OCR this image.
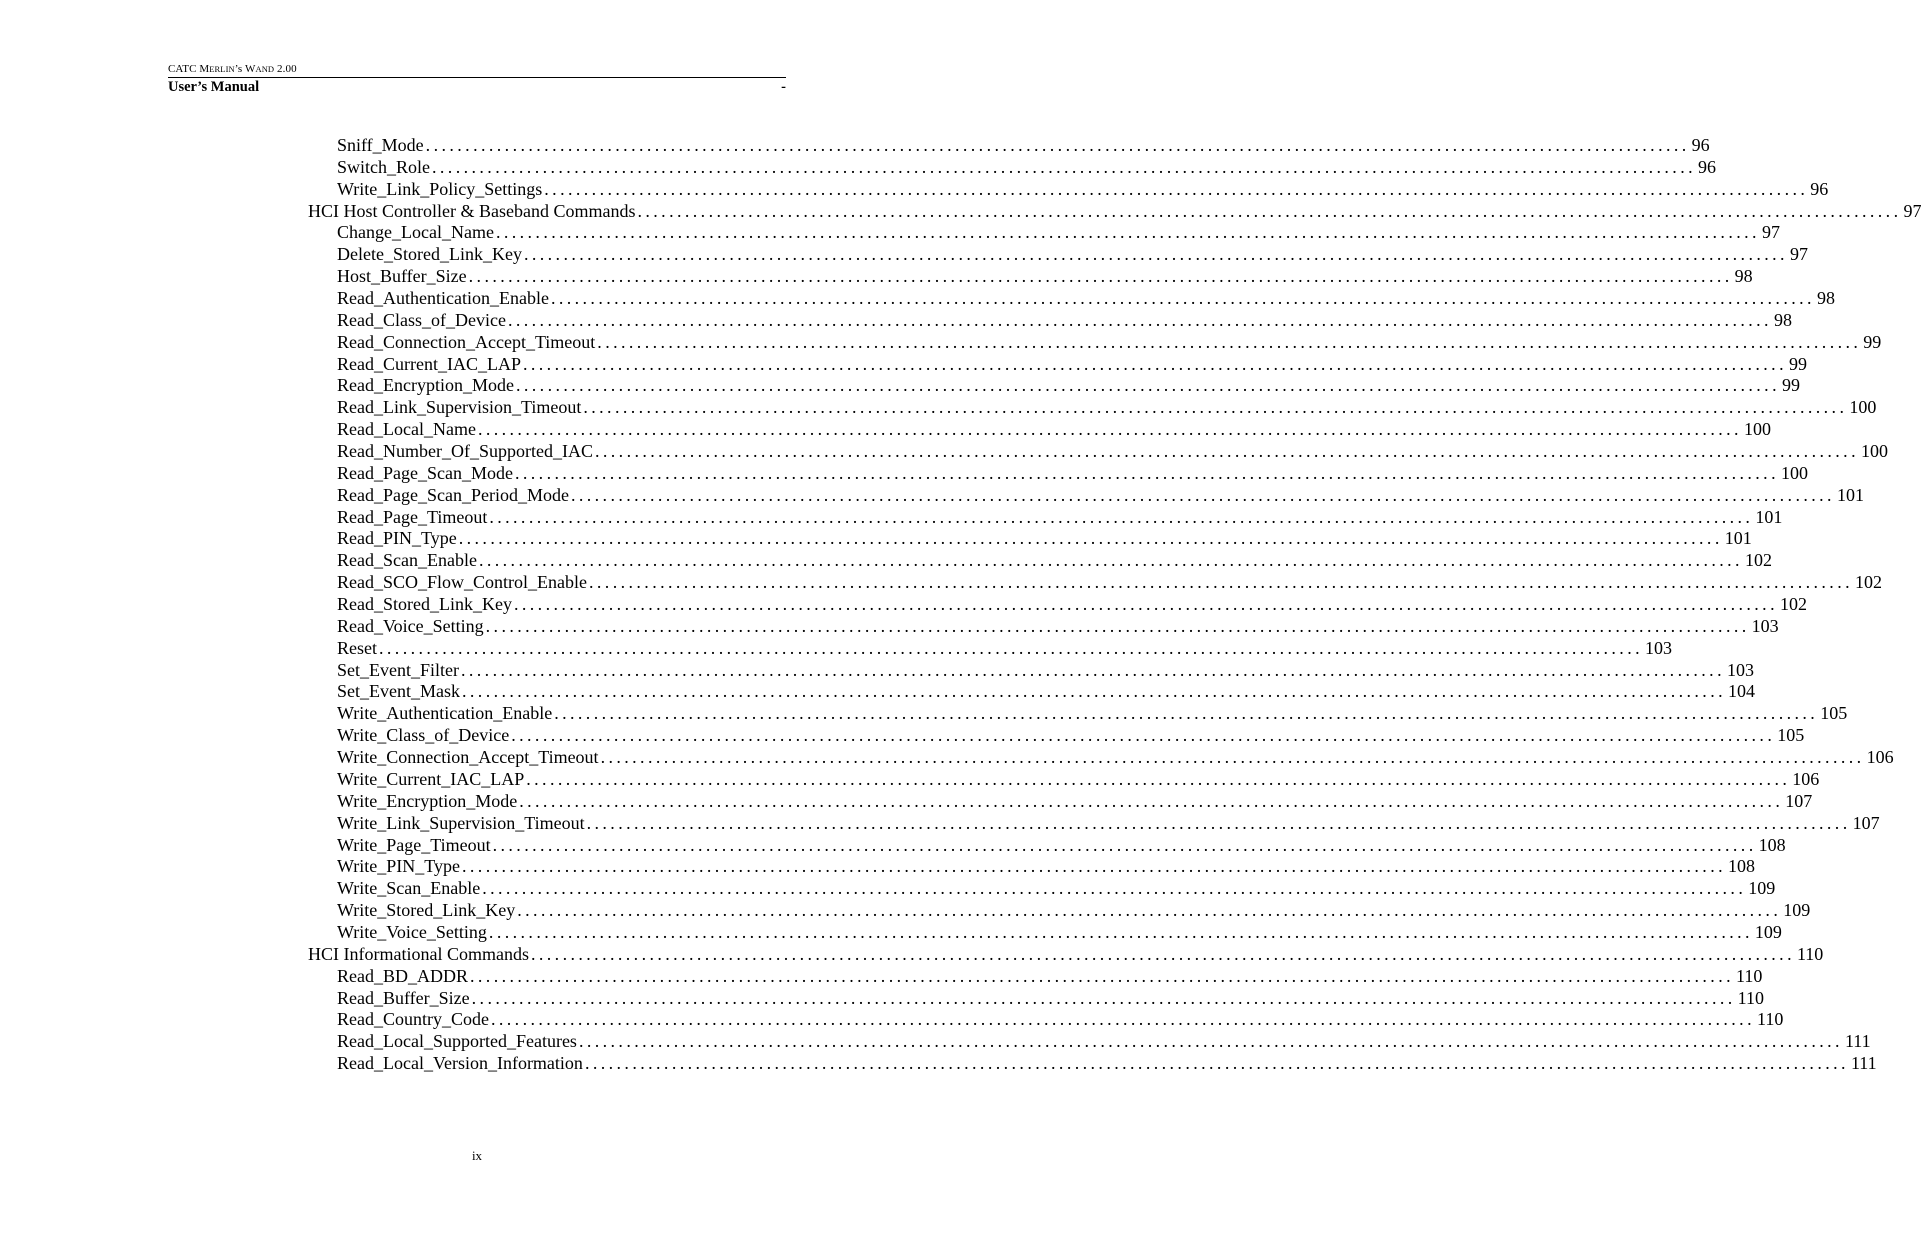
CATC MERLIN’s WAND 2.00
User’s Manual	-
Sniff_Mode ................................................................................................................................................................ 96
Switch_Role ................................................................................................................................................................ 96
Write_Link_Policy_Settings ................................................................................................................................................................ 96
HCI Host Controller & Baseband Commands ................................................................................................................................................................ 97
Change_Local_Name ................................................................................................................................................................ 97
Delete_Stored_Link_Key ................................................................................................................................................................ 97
Host_Buffer_Size ................................................................................................................................................................ 98
Read_Authentication_Enable ................................................................................................................................................................ 98
Read_Class_of_Device ................................................................................................................................................................ 98
Read_Connection_Accept_Timeout ................................................................................................................................................................ 99
Read_Current_IAC_LAP ................................................................................................................................................................ 99
Read_Encryption_Mode ................................................................................................................................................................ 99
Read_Link_Supervision_Timeout ................................................................................................................................................................ 100
Read_Local_Name ................................................................................................................................................................ 100
Read_Number_Of_Supported_IAC ................................................................................................................................................................ 100
Read_Page_Scan_Mode ................................................................................................................................................................ 100
Read_Page_Scan_Period_Mode ................................................................................................................................................................ 101
Read_Page_Timeout ................................................................................................................................................................ 101
Read_PIN_Type ................................................................................................................................................................ 101
Read_Scan_Enable ................................................................................................................................................................ 102
Read_SCO_Flow_Control_Enable ................................................................................................................................................................ 102
Read_Stored_Link_Key ................................................................................................................................................................ 102
Read_Voice_Setting ................................................................................................................................................................ 103
Reset ................................................................................................................................................................ 103
Set_Event_Filter ................................................................................................................................................................ 103
Set_Event_Mask ................................................................................................................................................................ 104
Write_Authentication_Enable ................................................................................................................................................................ 105
Write_Class_of_Device ................................................................................................................................................................ 105
Write_Connection_Accept_Timeout ................................................................................................................................................................ 106
Write_Current_IAC_LAP ................................................................................................................................................................ 106
Write_Encryption_Mode ................................................................................................................................................................ 107
Write_Link_Supervision_Timeout ................................................................................................................................................................ 107
Write_Page_Timeout ................................................................................................................................................................ 108
Write_PIN_Type ................................................................................................................................................................ 108
Write_Scan_Enable ................................................................................................................................................................ 109
Write_Stored_Link_Key ................................................................................................................................................................ 109
Write_Voice_Setting ................................................................................................................................................................ 109
HCI Informational Commands ................................................................................................................................................................ 110
Read_BD_ADDR ................................................................................................................................................................ 110
Read_Buffer_Size ................................................................................................................................................................ 110
Read_Country_Code ................................................................................................................................................................ 110
Read_Local_Supported_Features ................................................................................................................................................................ 111
Read_Local_Version_Information ................................................................................................................................................................ 111
ix
